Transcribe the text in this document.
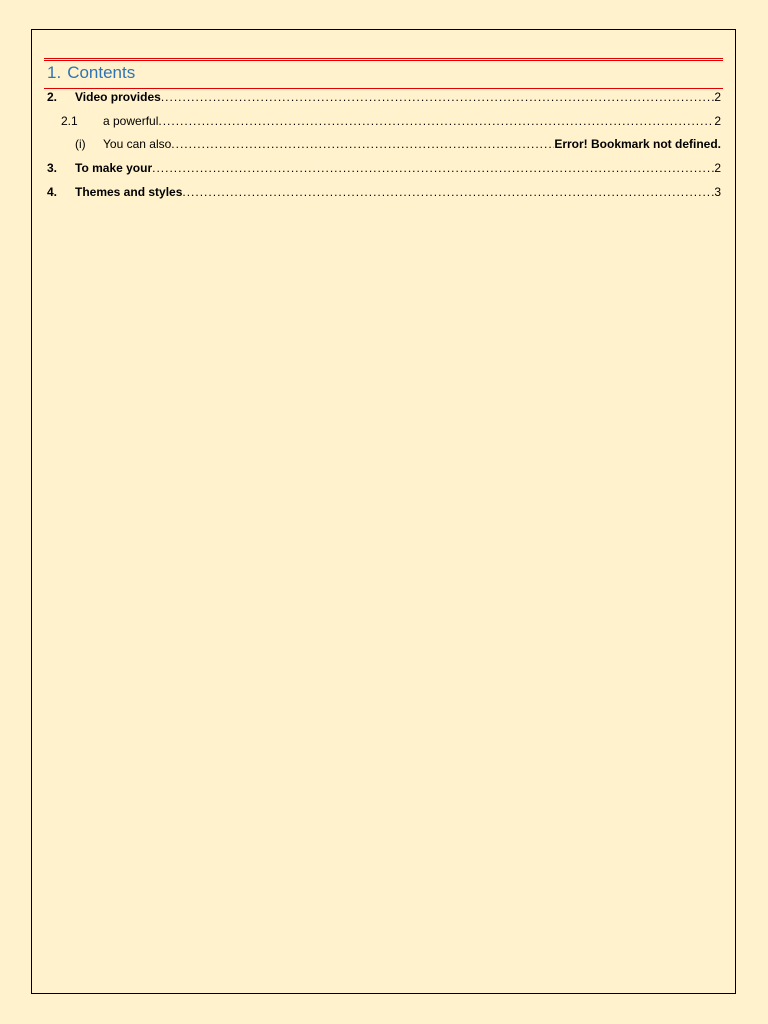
1. Contents
2.	Video provides .....	2
2.1	a powerful .....	2
(i)	You can also .....	Error! Bookmark not defined.
3.	To make your .....	2
4.	Themes and styles .....	3
